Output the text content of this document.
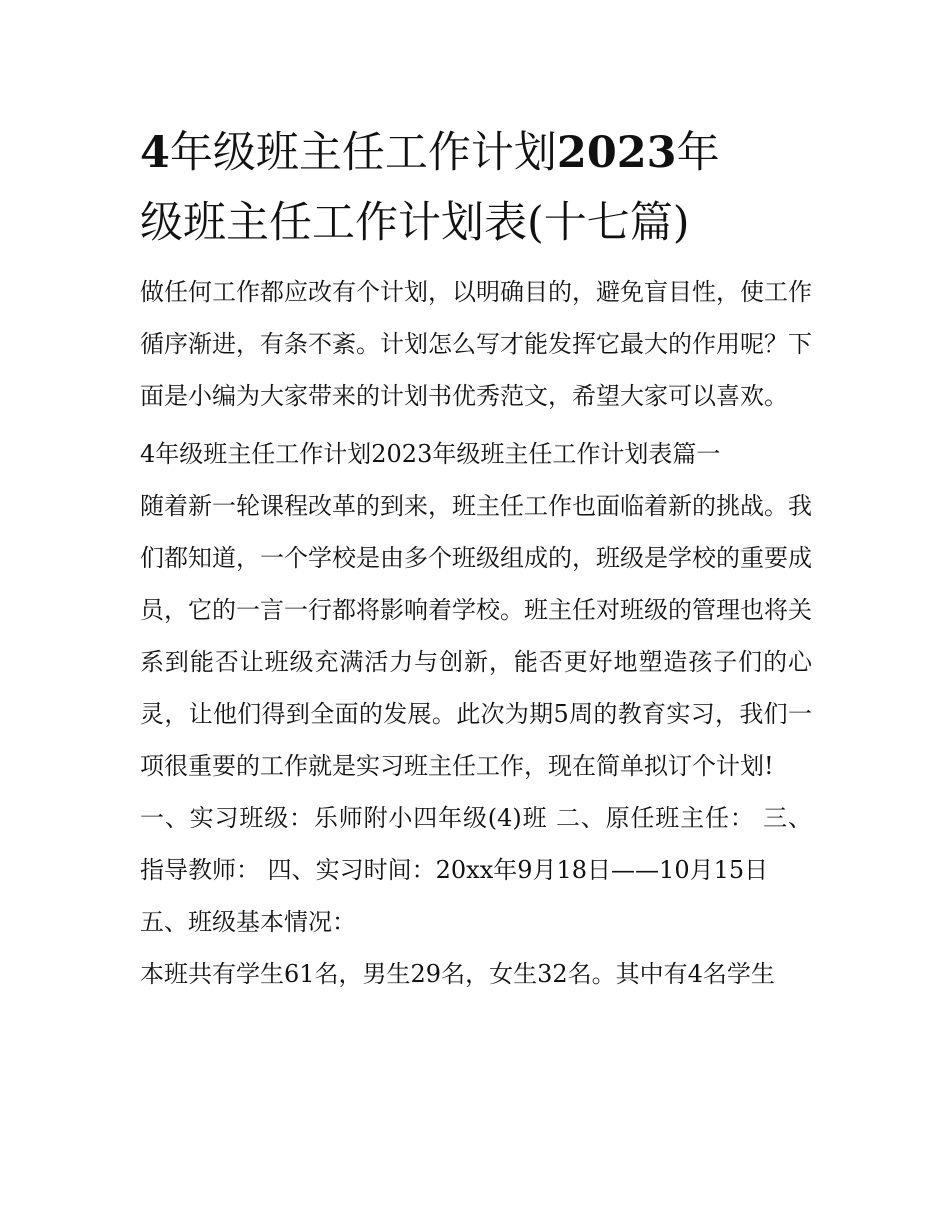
4年级班主任工作计划2023年
级班主任工作计划表(十七篇)

做任何工作都应改有个计划，以明确目的，避免盲目性，使工作循序渐进，有条不紊。计划怎么写才能发挥它最大的作用呢？下面是小编为大家带来的计划书优秀范文，希望大家可以喜欢。

4年级班主任工作计划2023年级班主任工作计划表篇一

随着新一轮课程改革的到来，班主任工作也面临着新的挑战。我们都知道，一个学校是由多个班级组成的，班级是学校的重要成员，它的一言一行都将影响着学校。班主任对班级的管理也将关系到能否让班级充满活力与创新，能否更好地塑造孩子们的心灵，让他们得到全面的发展。此次为期5周的教育实习，我们一项很重要的工作就是实习班主任工作，现在简单拟订个计划!

一、实习班级：乐师附小四年级(4)班 二、原任班主任： 三、指导教师： 四、实习时间：20xx年9月18日——10月15日

五、班级基本情况：

本班共有学生61名，男生29名，女生32名。其中有4名学生
